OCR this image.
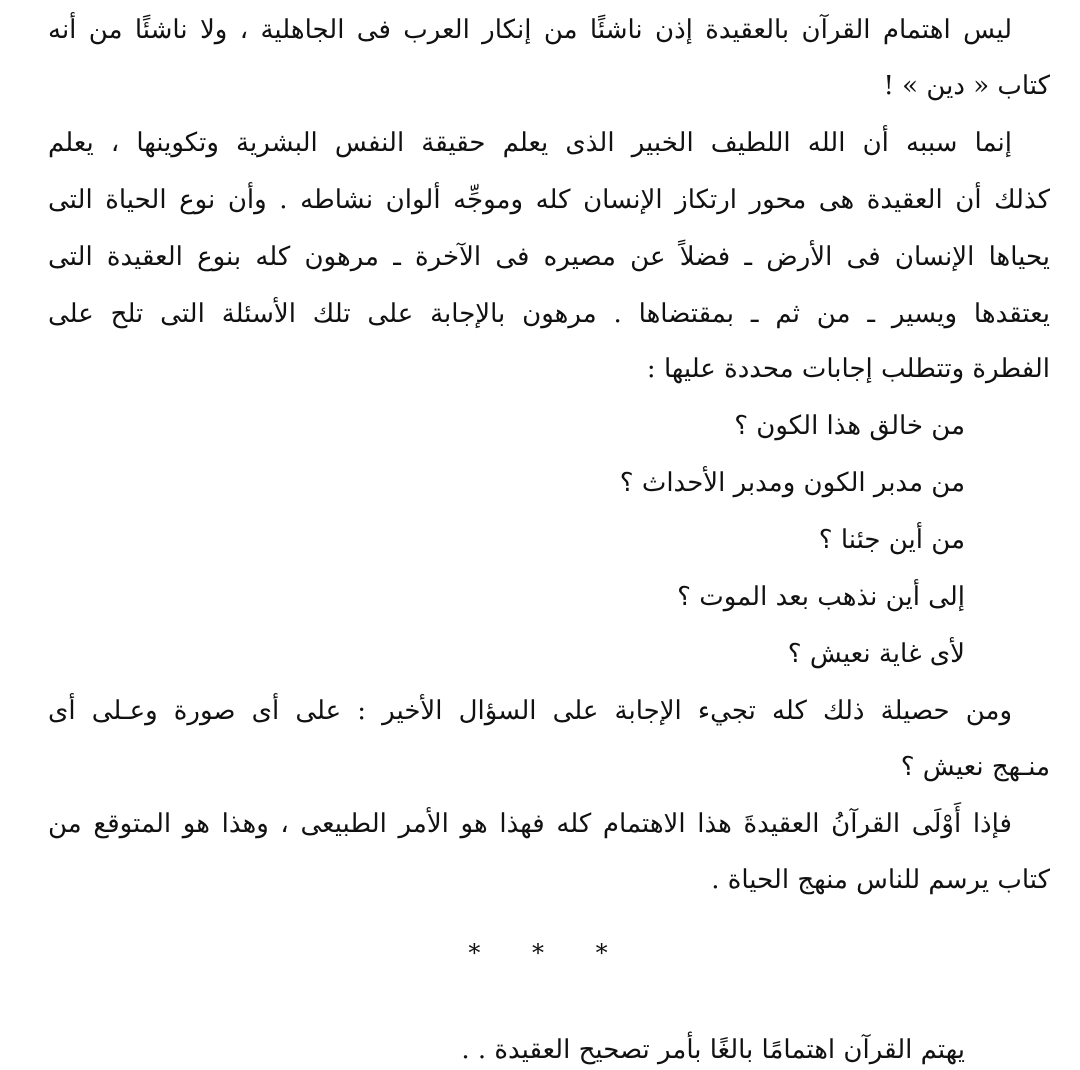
ليس اهتمام القرآن بالعقيدة إذن ناشئًا من إنكار العرب فى الجاهلية ، ولا ناشئًا من أنه
كتاب « دين » !
إنما سببه أن الله اللطيف الخبير الذى يعلم حقيقة النفس البشرية وتكوينها ، يعلم
كذلك أن العقيدة هى محور ارتكاز الإنسان كله وموجِّه ألوان نشاطه . وأن نوع الحياة التى
يحياها الإنسان فى الأرض ـ فضلاً عن مصيره فى الآخرة ـ مرهون كله بنوع العقيدة التى
يعتقدها ويسير ـ من ثم ـ بمقتضاها . مرهون بالإجابة على تلك الأسئلة التى تلح على
الفطرة وتتطلب إجابات محددة عليها :
من خالق هذا الكون ؟
من مدبر الكون ومدبر الأحداث ؟
من أين جئنا ؟
إلى أين نذهب بعد الموت ؟
لأى غاية نعيش ؟
ومن حصيلة ذلك كله تجيء الإجابة على السؤال الأخير : على أى صورة وعـلى أى
منـهج نعيش ؟
فإذا أَوْلَى القرآنُ العقيدةَ هذا الاهتمام كله فهذا هو الأمر الطبيعى ، وهذا هو المتوقع من
كتاب يرسم للناس منهج الحياة .
* * *
يهتم القرآن اهتمامًا بالغًا بأمر تصحيح العقيدة . .
